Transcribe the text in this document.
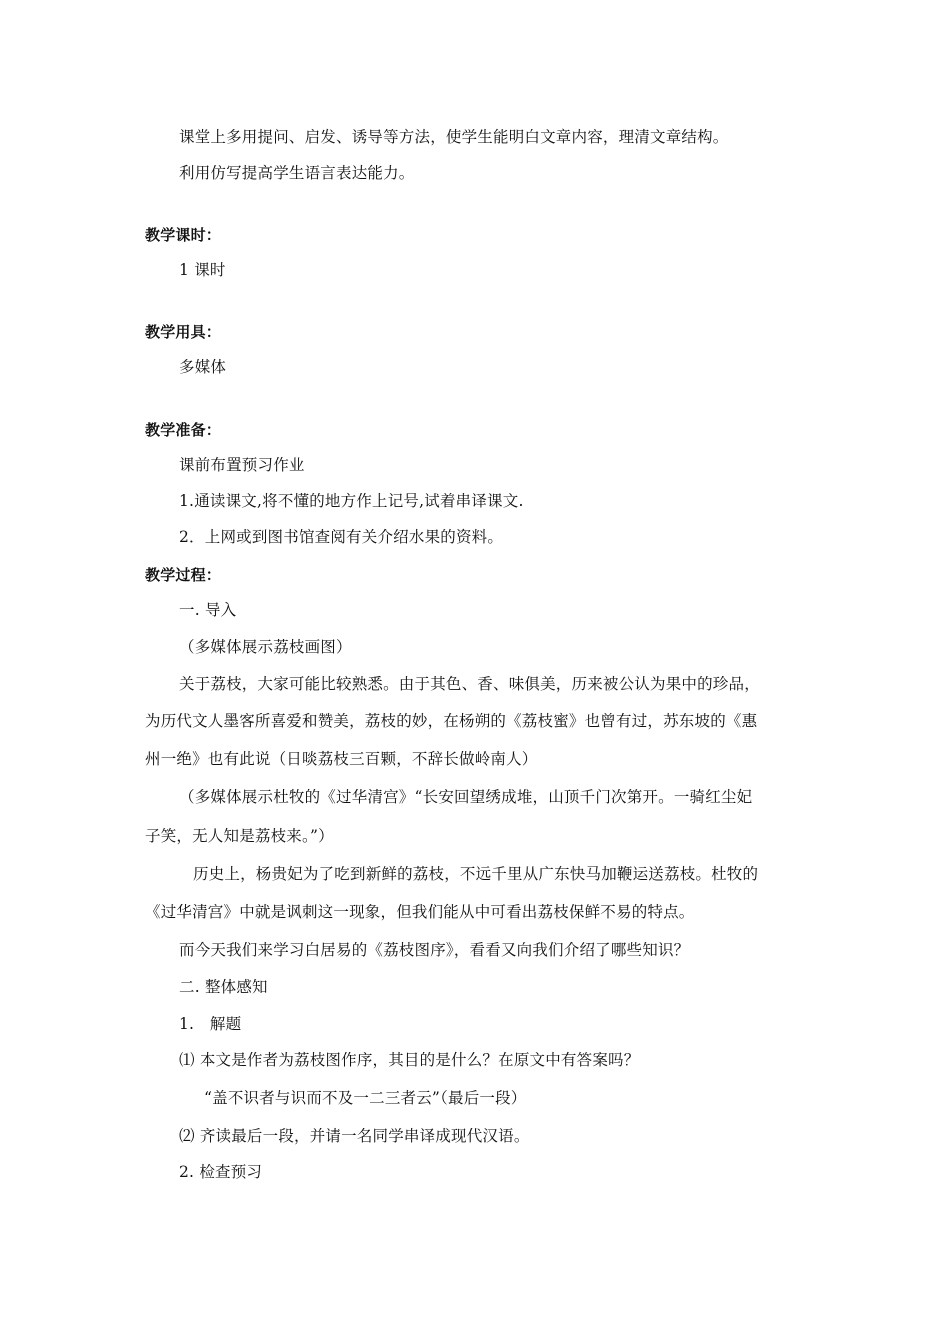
课堂上多用提问、启发、诱导等方法，使学生能明白文章内容，理清文章结构。
利用仿写提高学生语言表达能力。
教学课时：
1 课时
教学用具：
多媒体
教学准备：
课前布置预习作业
1.通读课文,将不懂的地方作上记号,试着串译课文.
2．上网或到图书馆查阅有关介绍水果的资料。
教学过程：
一. 导入
（多媒体展示荔枝画图）
关于荔枝，大家可能比较熟悉。由于其色、香、味俱美，历来被公认为果中的珍品，
为历代文人墨客所喜爱和赞美，荔枝的妙，在杨朔的《荔枝蜜》也曾有过，苏东坡的《惠
州一绝》也有此说（日啖荔枝三百颗，不辞长做岭南人）
（多媒体展示杜牧的《过华清宫》“长安回望绣成堆，山顶千门次第开。一骑红尘妃
子笑，无人知是荔枝来。”）
历史上，杨贵妃为了吃到新鲜的荔枝，不远千里从广东快马加鞭运送荔枝。杜牧的
《过华清宫》中就是讽刺这一现象，但我们能从中可看出荔枝保鲜不易的特点。
而今天我们来学习白居易的《荔枝图序》，看看又向我们介绍了哪些知识？
二. 整体感知
1.　解题
⑴ 本文是作者为荔枝图作序，其目的是什么？在原文中有答案吗？
“盖不识者与识而不及一二三者云”（最后一段）
⑵ 齐读最后一段，并请一名同学串译成现代汉语。
2. 检查预习
